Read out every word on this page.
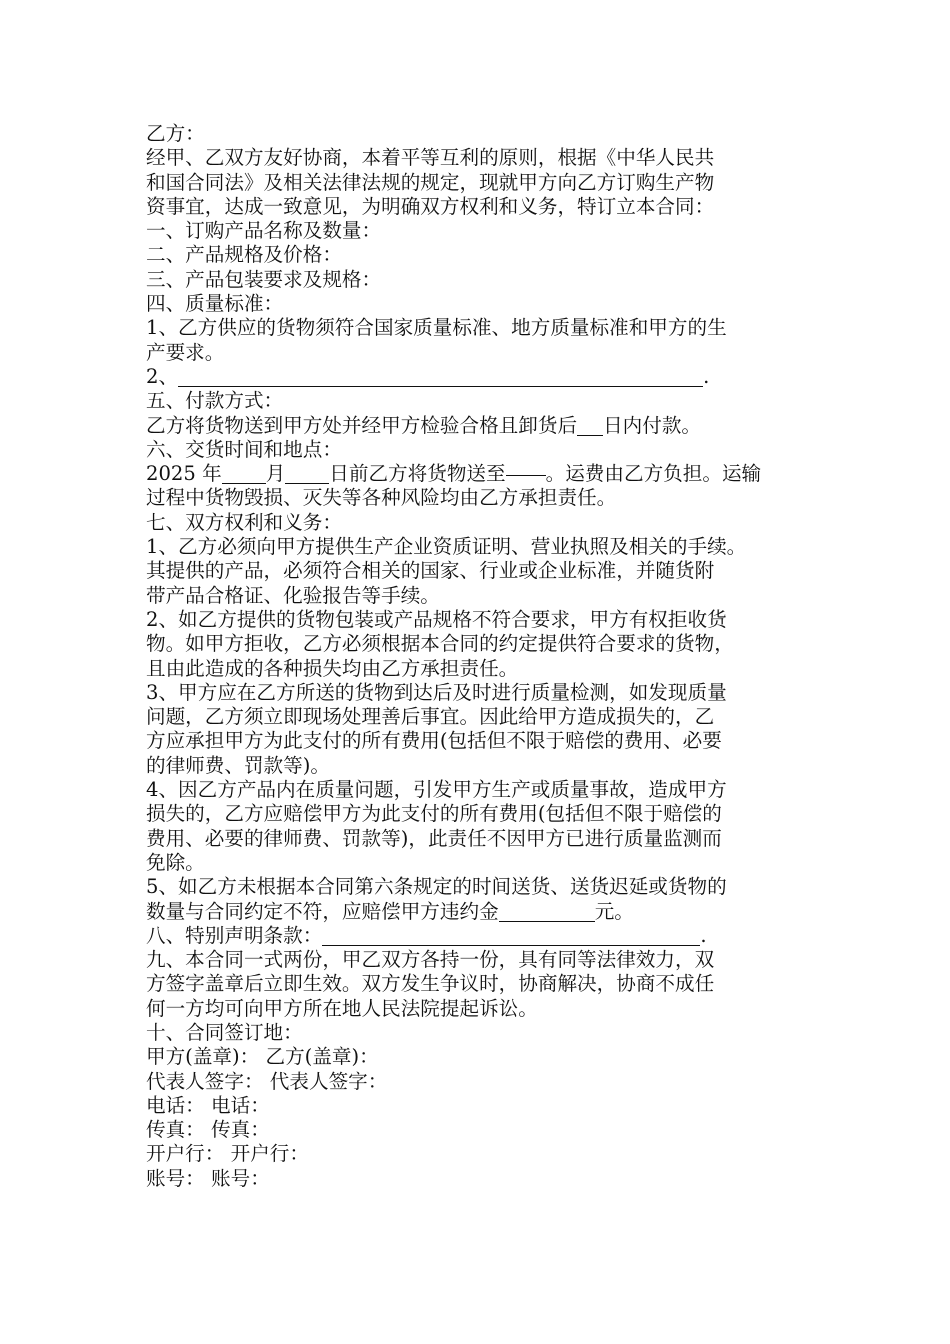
乙方：
经甲、乙双方友好协商，本着平等互利的原则，根据《中华人民共
和国合同法》及相关法律法规的规定，现就甲方向乙方订购生产物
资事宜，达成一致意见，为明确双方权利和义务，特订立本合同：
一、订购产品名称及数量：
二、产品规格及价格：
三、产品包装要求及规格：
四、质量标准：
1、乙方供应的货物须符合国家质量标准、地方质量标准和甲方的生
产要求。
2、	.
五、付款方式：
乙方将货物送到甲方处并经甲方检验合格且卸货后 日内付款。
六、交货时间和地点：
2025 年 月 日前乙方将货物送至 。运费由乙方负担。运输
过程中货物毁损、灭失等各种风险均由乙方承担责任。
七、双方权利和义务：
1、乙方必须向甲方提供生产企业资质证明、营业执照及相关的手续。
其提供的产品，必须符合相关的国家、行业或企业标准，并随货附
带产品合格证、化验报告等手续。
2、如乙方提供的货物包装或产品规格不符合要求，甲方有权拒收货
物。如甲方拒收，乙方必须根据本合同的约定提供符合要求的货物，
且由此造成的各种损失均由乙方承担责任。
3、甲方应在乙方所送的货物到达后及时进行质量检测，如发现质量
问题，乙方须立即现场处理善后事宜。因此给甲方造成损失的，乙
方应承担甲方为此支付的所有费用(包括但不限于赔偿的费用、必要
的律师费、罚款等)。
4、因乙方产品内在质量问题，引发甲方生产或质量事故，造成甲方
损失的，乙方应赔偿甲方为此支付的所有费用(包括但不限于赔偿的
费用、必要的律师费、罚款等)，此责任不因甲方已进行质量监测而
免除。
5、如乙方未根据本合同第六条规定的时间送货、送货迟延或货物的
数量与合同约定不符，应赔偿甲方违约金	元。
八、特别声明条款：	.
九、本合同一式两份，甲乙双方各持一份，具有同等法律效力，双
方签字盖章后立即生效。双方发生争议时，协商解决，协商不成任
何一方均可向甲方所在地人民法院提起诉讼。
十、合同签订地：
甲方(盖章)： 乙方(盖章)：
代表人签字： 代表人签字：
电话： 电话：
传真： 传真：
开户行： 开户行：
账号： 账号：
